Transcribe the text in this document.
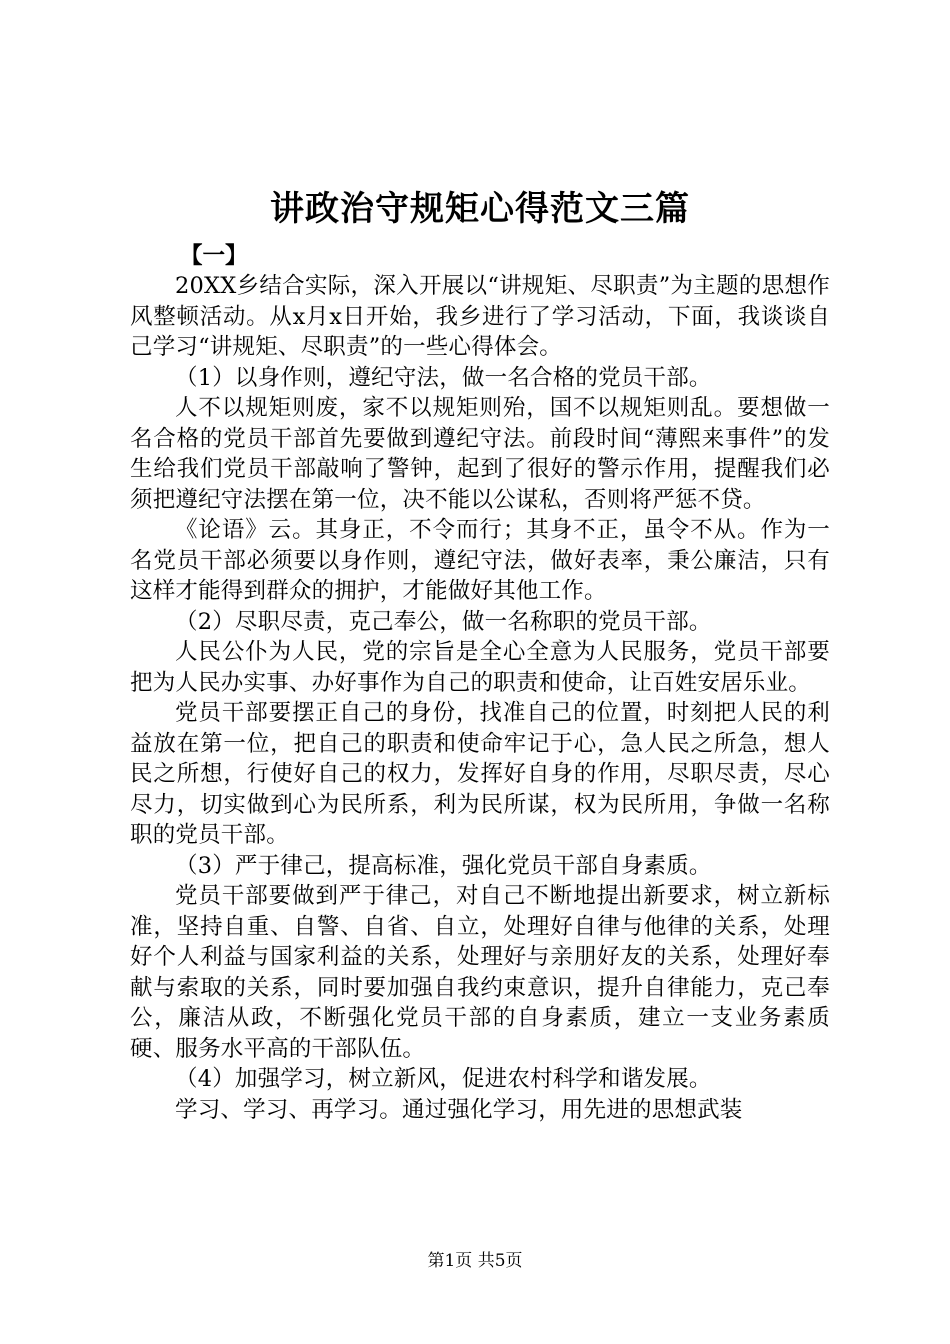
讲政治守规矩心得范文三篇
【一】

20XX乡结合实际，深入开展以“讲规矩、尽职责”为主题的思想作风整顿活动。从x月x日开始，我乡进行了学习活动，下面，我谈谈自己学习“讲规矩、尽职责”的一些心得体会。

（1）以身作则，遵纪守法，做一名合格的党员干部。

人不以规矩则废，家不以规矩则殆，国不以规矩则乱。要想做一名合格的党员干部首先要做到遵纪守法。前段时间“薄熙来事件”的发生给我们党员干部敲响了警钟，起到了很好的警示作用，提醒我们必须把遵纪守法摆在第一位，决不能以公谋私，否则将严惩不贷。

《论语》云。其身正，不令而行；其身不正，虽令不从。作为一名党员干部必须要以身作则，遵纪守法，做好表率，秉公廉洁，只有这样才能得到群众的拥护，才能做好其他工作。

（2）尽职尽责，克己奉公，做一名称职的党员干部。

人民公仆为人民，党的宗旨是全心全意为人民服务，党员干部要把为人民办实事、办好事作为自己的职责和使命，让百姓安居乐业。

党员干部要摆正自己的身份，找准自己的位置，时刻把人民的利益放在第一位，把自己的职责和使命牢记于心，急人民之所急，想人民之所想，行使好自己的权力，发挥好自身的作用，尽职尽责，尽心尽力，切实做到心为民所系，利为民所谋，权为民所用，争做一名称职的党员干部。

（3）严于律己，提高标准，强化党员干部自身素质。

党员干部要做到严于律己，对自己不断地提出新要求，树立新标准，坚持自重、自警、自省、自立，处理好自律与他律的关系，处理好个人利益与国家利益的关系，处理好与亲朋好友的关系，处理好奉献与索取的关系，同时要加强自我约束意识，提升自律能力，克己奉公，廉洁从政，不断强化党员干部的自身素质，建立一支业务素质硬、服务水平高的干部队伍。

（4）加强学习，树立新风，促进农村科学和谐发展。

学习、学习、再学习。通过强化学习，用先进的思想武装

第1页 共5页
